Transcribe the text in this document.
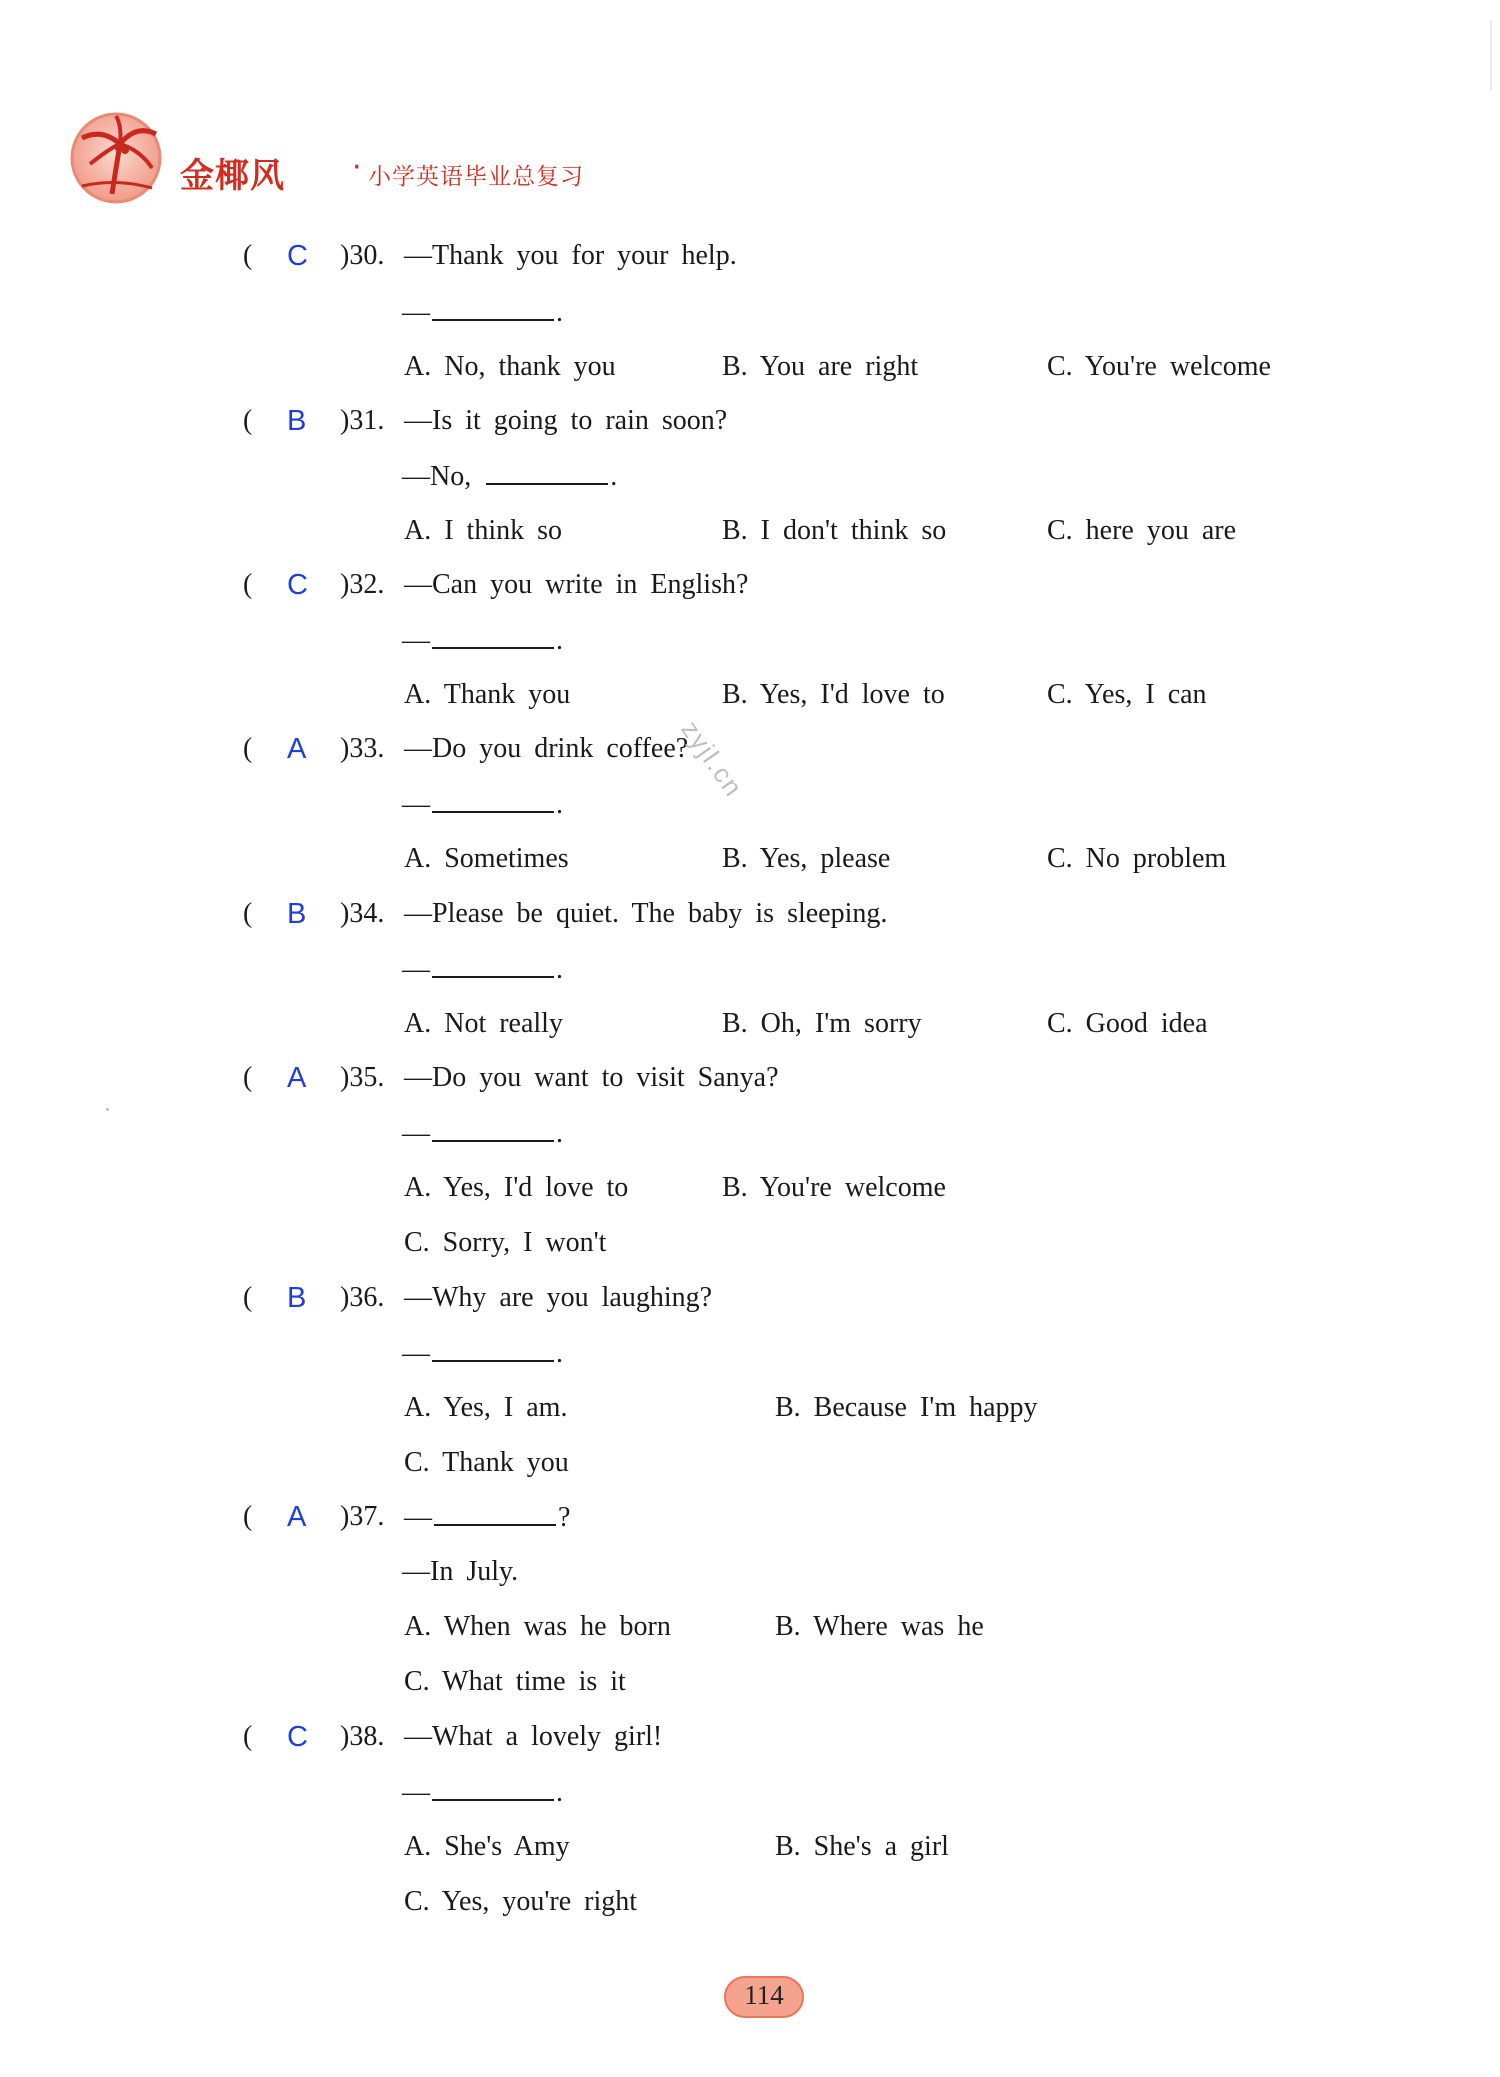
金椰风 · 小学英语毕业总复习
( C )30. —Thank you for your help.
—	.
A. No, thank you	B. You are right	C. You're welcome
( B )31. —Is it going to rain soon?
—No,	.
A. I think so	B. I don't think so	C. here you are
( C )32. —Can you write in English?
—	.
A. Thank you	B. Yes, I'd love to	C. Yes, I can
( A )33. —Do you drink coffee?
—	.
A. Sometimes	B. Yes, please	C. No problem
( B )34. —Please be quiet. The baby is sleeping.
—	.
A. Not really	B. Oh, I'm sorry	C. Good idea
( A )35. —Do you want to visit Sanya?
—	.
A. Yes, I'd love to	B. You're welcome
C. Sorry, I won't
( B )36. —Why are you laughing?
—	.
A. Yes, I am.	B. Because I'm happy
C. Thank you
( A )37. —	?
—In July.
A. When was he born	B. Where was he
C. What time is it
( C )38. —What a lovely girl!
—	.
A. She's Amy	B. She's a girl
C. Yes, you're right
zyjl.cn
114
